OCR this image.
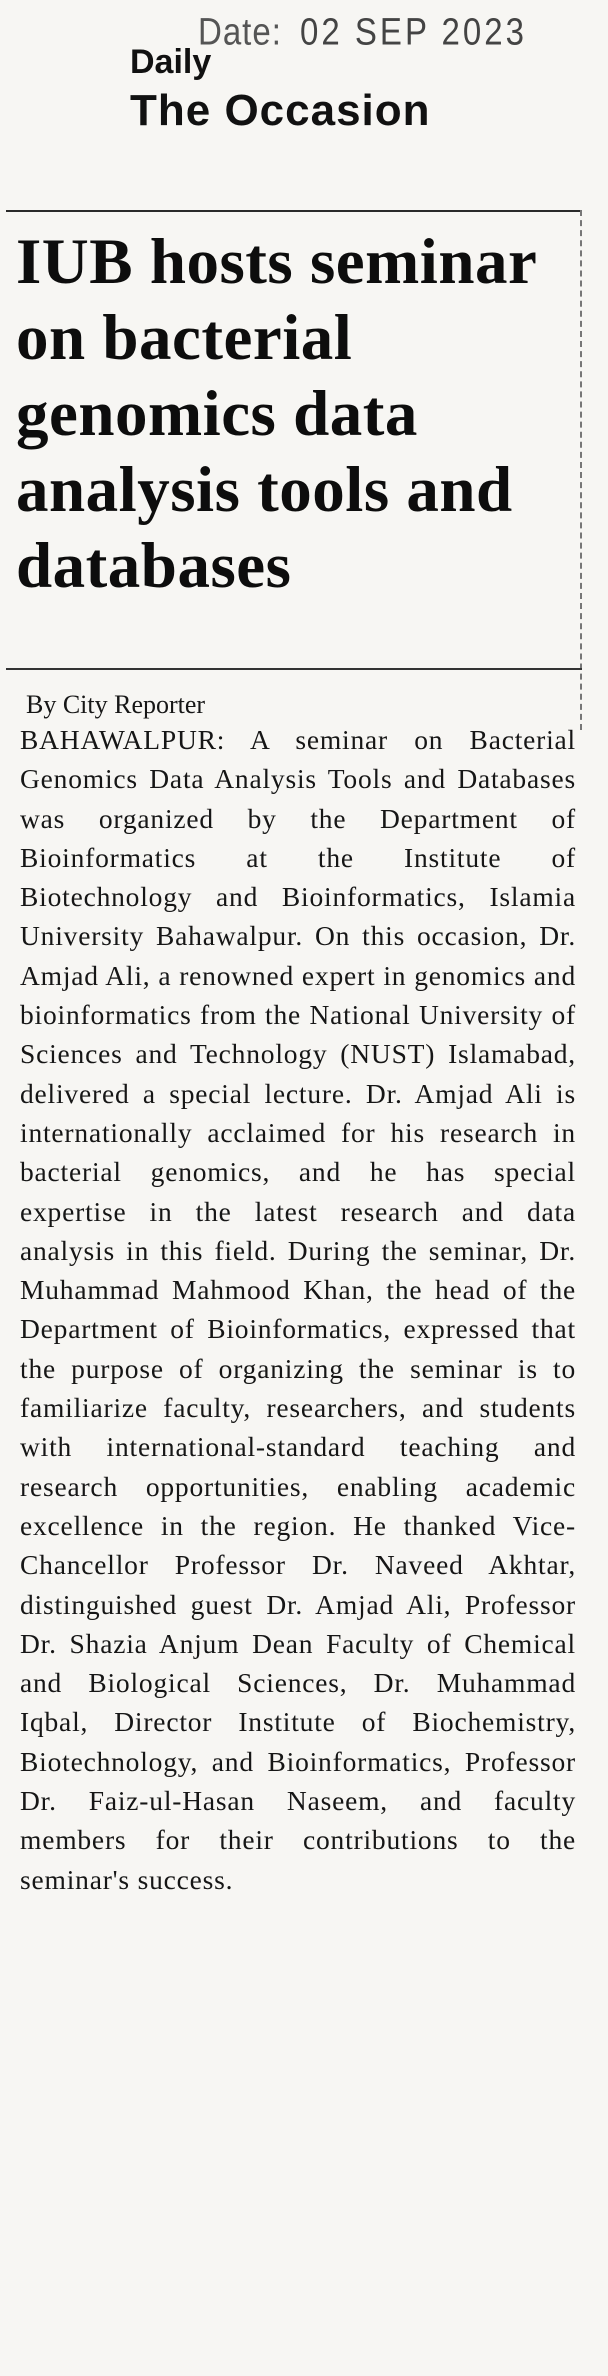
Date: 02 SEP 2023
Daily
The Occasion
IUB hosts seminar on bacterial genomics data analysis tools and databases
By City Reporter

BAHAWALPUR: A seminar on Bacterial Genomics Data Analysis Tools and Databases was organized by the Department of Bioinformatics at the Institute of Biotechnology and Bioinformatics, Islamia University Bahawalpur. On this occasion, Dr. Amjad Ali, a renowned expert in genomics and bioinformatics from the National University of Sciences and Technology (NUST) Islamabad, delivered a special lecture. Dr. Amjad Ali is internationally acclaimed for his research in bacterial genomics, and he has special expertise in the latest research and data analysis in this field. During the seminar, Dr. Muhammad Mahmood Khan, the head of the Department of Bioinformatics, expressed that the purpose of organizing the seminar is to familiarize faculty, researchers, and students with international-standard teaching and research opportunities, enabling academic excellence in the region. He thanked Vice-Chancellor Professor Dr. Naveed Akhtar, distinguished guest Dr. Amjad Ali, Professor Dr. Shazia Anjum Dean Faculty of Chemical and Biological Sciences, Dr. Muhammad Iqbal, Director Institute of Biochemistry, Biotechnology, and Bioinformatics, Professor Dr. Faiz-ul-Hasan Naseem, and faculty members for their contributions to the seminar's success.
